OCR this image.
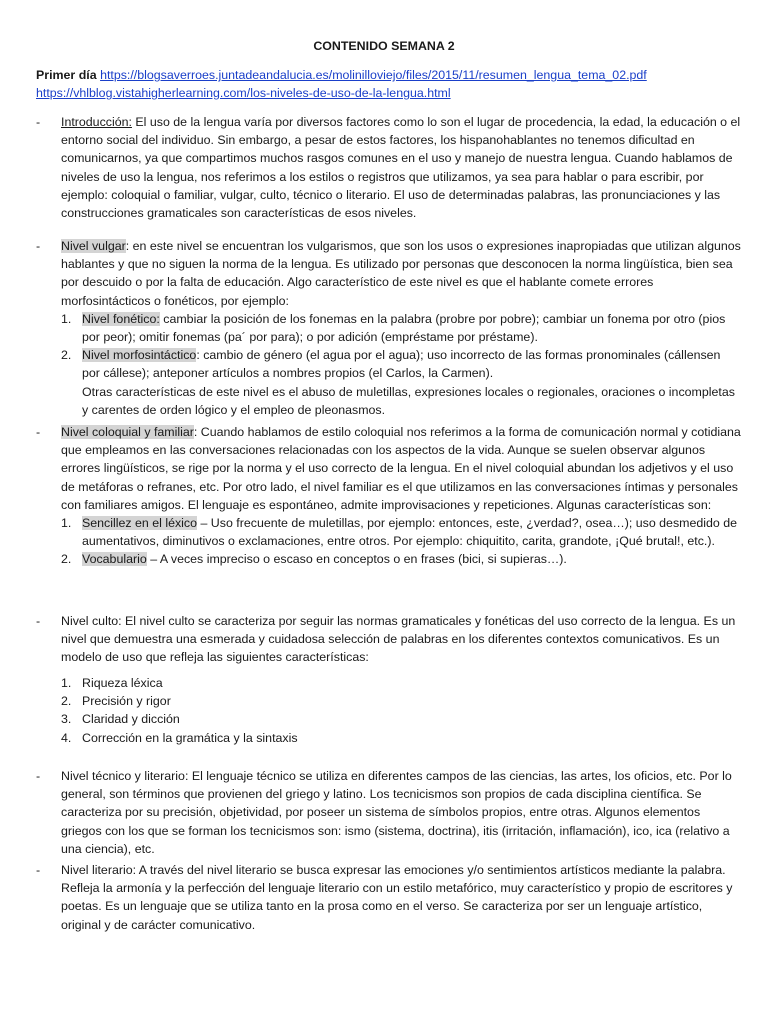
CONTENIDO SEMANA 2
Primer día https://blogsaverroes.juntadeandalucia.es/molinilloviejo/files/2015/11/resumen_lengua_tema_02.pdf
https://vhlblog.vistahigherlearning.com/los-niveles-de-uso-de-la-lengua.html
- Introducción: El uso de la lengua varía por diversos factores como lo son el lugar de procedencia, la edad, la educación o el entorno social del individuo. Sin embargo, a pesar de estos factores, los hispanohablantes no tenemos dificultad en comunicarnos, ya que compartimos muchos rasgos comunes en el uso y manejo de nuestra lengua. Cuando hablamos de niveles de uso la lengua, nos referimos a los estilos o registros que utilizamos, ya sea para hablar o para escribir, por ejemplo: coloquial o familiar, vulgar, culto, técnico o literario. El uso de determinadas palabras, las pronunciaciones y las construcciones gramaticales son características de esos niveles.
- Nivel vulgar: en este nivel se encuentran los vulgarismos, que son los usos o expresiones inapropiadas que utilizan algunos hablantes y que no siguen la norma de la lengua. Es utilizado por personas que desconocen la norma lingüística, bien sea por descuido o por la falta de educación. Algo característico de este nivel es que el hablante comete errores morfosintácticos o fonéticos, por ejemplo:
1. Nivel fonético: cambiar la posición de los fonemas en la palabra (probre por pobre); cambiar un fonema por otro (pios por peor); omitir fonemas (pa´ por para); o por adición (empréstame por préstame).
2. Nivel morfosintáctico: cambio de género (el agua por el agua); uso incorrecto de las formas pronominales (cállensen por cállese); anteponer artículos a nombres propios (el Carlos, la Carmen).
Otras características de este nivel es el abuso de muletillas, expresiones locales o regionales, oraciones o incompletas y carentes de orden lógico y el empleo de pleonasmos.
- Nivel coloquial y familiar: Cuando hablamos de estilo coloquial nos referimos a la forma de comunicación normal y cotidiana que empleamos en las conversaciones relacionadas con los aspectos de la vida. Aunque se suelen observar algunos errores lingüísticos, se rige por la norma y el uso correcto de la lengua. En el nivel coloquial abundan los adjetivos y el uso de metáforas o refranes, etc. Por otro lado, el nivel familiar es el que utilizamos en las conversaciones íntimas y personales con familiares amigos. El lenguaje es espontáneo, admite improvisaciones y repeticiones. Algunas características son:
1. Sencillez en el léxico – Uso frecuente de muletillas, por ejemplo: entonces, este, ¿verdad?, osea…); uso desmedido de aumentativos, diminutivos o exclamaciones, entre otros. Por ejemplo: chiquitito, carita, grandote, ¡Qué brutal!, etc.).
2. Vocabulario – A veces impreciso o escaso en conceptos o en frases (bici, si supieras…).
- Nivel culto: El nivel culto se caracteriza por seguir las normas gramaticales y fonéticas del uso correcto de la lengua. Es un nivel que demuestra una esmerada y cuidadosa selección de palabras en los diferentes contextos comunicativos. Es un modelo de uso que refleja las siguientes características:
1. Riqueza léxica
2. Precisión y rigor
3. Claridad y dicción
4. Corrección en la gramática y la sintaxis
- Nivel técnico y literario: El lenguaje técnico se utiliza en diferentes campos de las ciencias, las artes, los oficios, etc. Por lo general, son términos que provienen del griego y latino. Los tecnicismos son propios de cada disciplina científica. Se caracteriza por su precisión, objetividad, por poseer un sistema de símbolos propios, entre otras. Algunos elementos griegos con los que se forman los tecnicismos son: ismo (sistema, doctrina), itis (irritación, inflamación), ico, ica (relativo a una ciencia), etc.
- Nivel literario: A través del nivel literario se busca expresar las emociones y/o sentimientos artísticos mediante la palabra. Refleja la armonía y la perfección del lenguaje literario con un estilo metafórico, muy característico y propio de escritores y poetas. Es un lenguaje que se utiliza tanto en la prosa como en el verso. Se caracteriza por ser un lenguaje artístico, original y de carácter comunicativo.
